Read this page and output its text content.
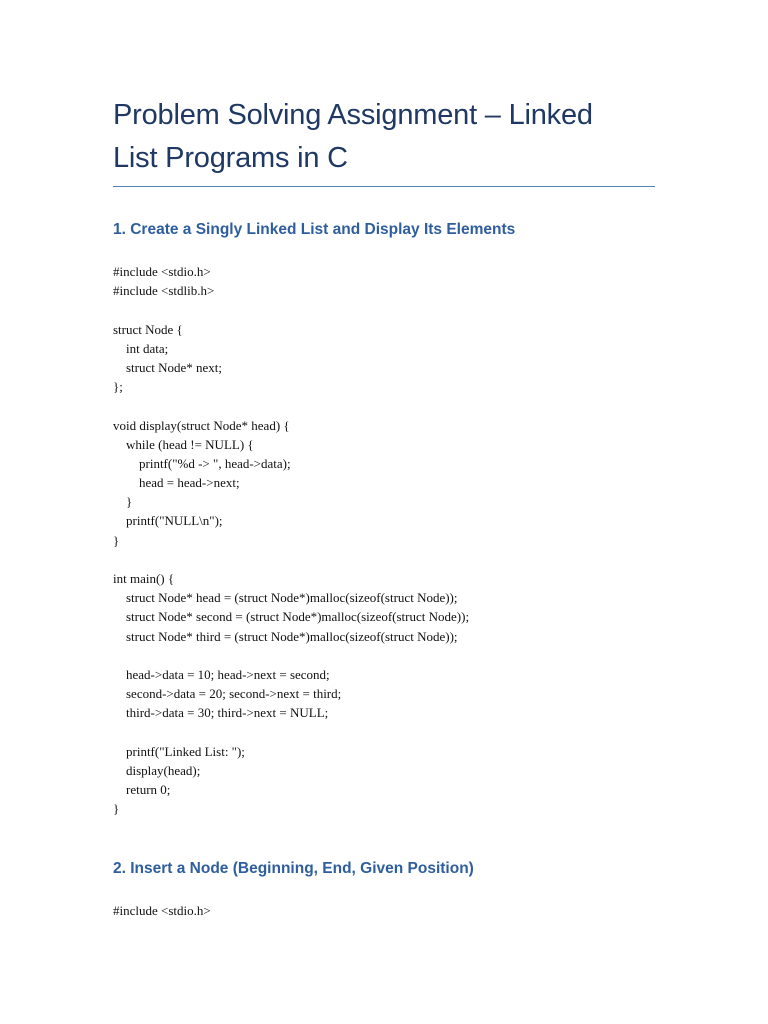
Problem Solving Assignment – Linked
List Programs in C
1. Create a Singly Linked List and Display Its Elements
#include <stdio.h>
#include <stdlib.h>

struct Node {
int data;
struct Node* next;
};

void display(struct Node* head) {
while (head != NULL) {
printf("%d -> ", head->data);
head = head->next;
}
printf("NULL\n");
}

int main() {
struct Node* head = (struct Node*)malloc(sizeof(struct Node));
struct Node* second = (struct Node*)malloc(sizeof(struct Node));
struct Node* third = (struct Node*)malloc(sizeof(struct Node));

head->data = 10; head->next = second;
second->data = 20; second->next = third;
third->data = 30; third->next = NULL;

printf("Linked List: ");
display(head);
return 0;
}
2. Insert a Node (Beginning, End, Given Position)
#include <stdio.h>
